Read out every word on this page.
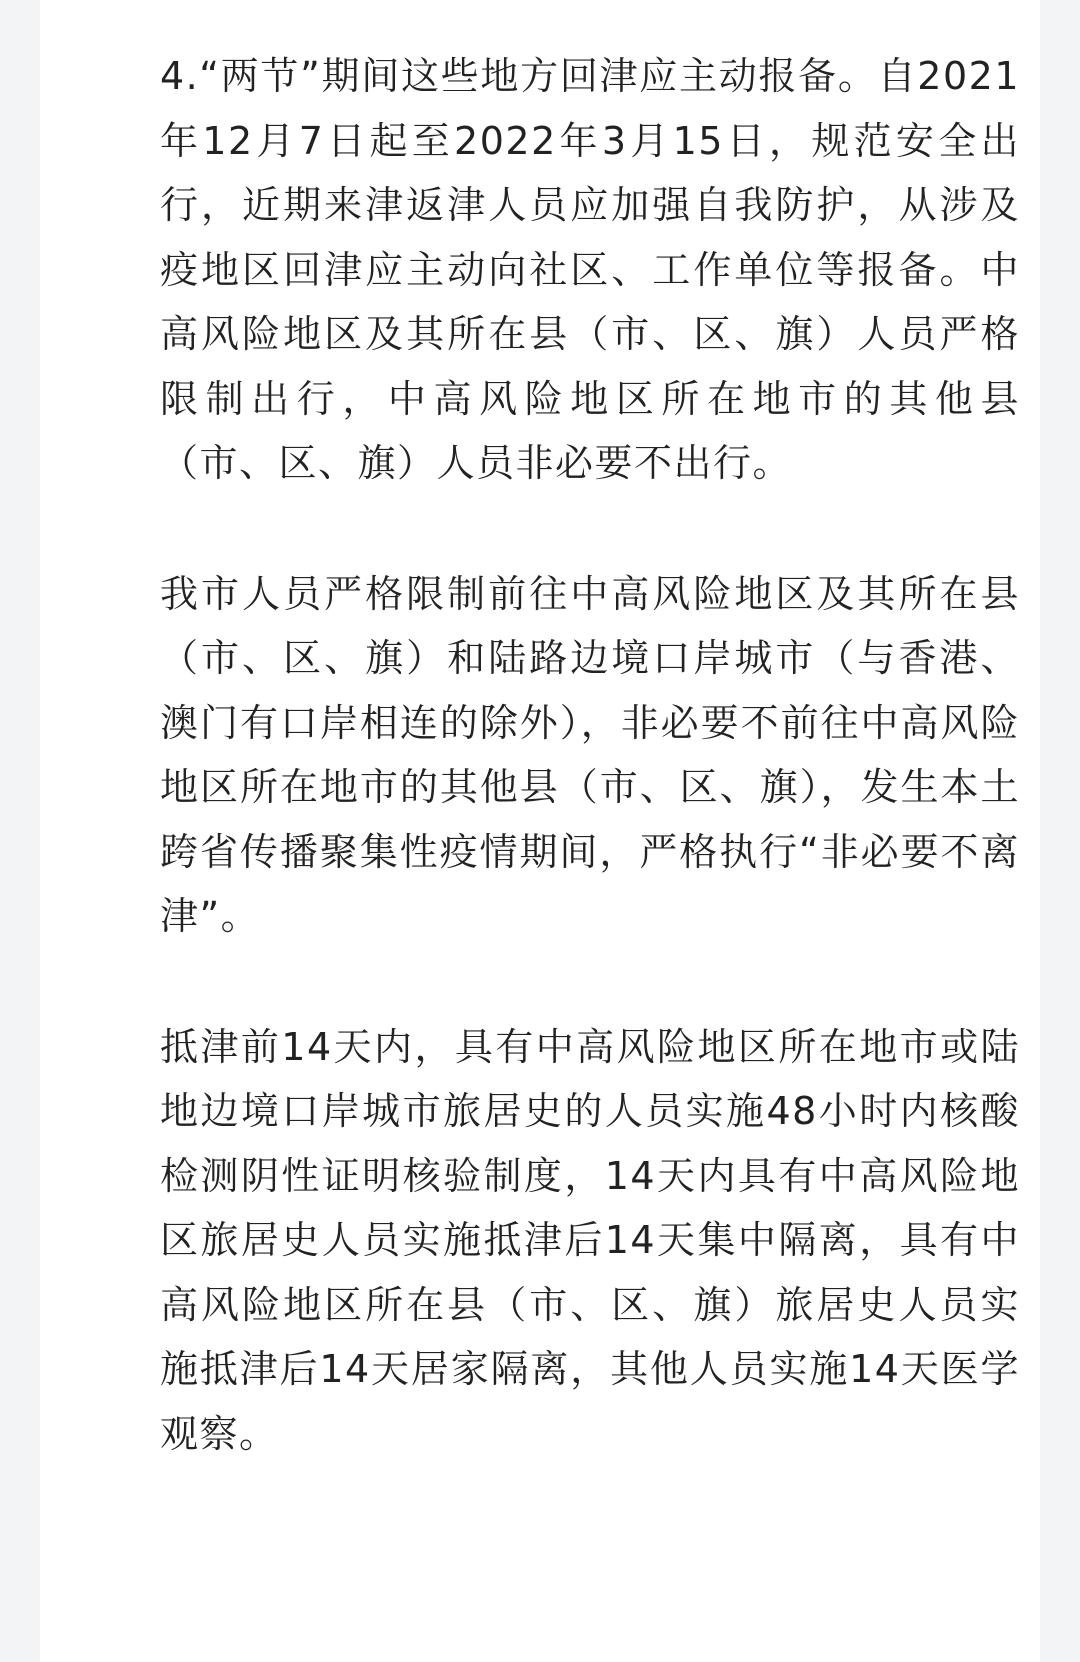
4.“两节”期间这些地方回津应主动报备。自2021年12月7日起至2022年3月15日，规范安全出行，近期来津返津人员应加强自我防护，从涉及疫地区回津应主动向社区、工作单位等报备。中高风险地区及其所在县（市、区、旗）人员严格限制出行，中高风险地区所在地市的其他县（市、区、旗）人员非必要不出行。

我市人员严格限制前往中高风险地区及其所在县（市、区、旗）和陆路边境口岸城市（与香港、澳门有口岸相连的除外），非必要不前往中高风险地区所在地市的其他县（市、区、旗），发生本土跨省传播聚集性疫情期间，严格执行“非必要不离津”。

抵津前14天内，具有中高风险地区所在地市或陆地边境口岸城市旅居史的人员实施48小时内核酸检测阴性证明核验制度，14天内具有中高风险地区旅居史人员实施抵津后14天集中隔离，具有中高风险地区所在县（市、区、旗）旅居史人员实施抵津后14天居家隔离，其他人员实施14天医学观察。
